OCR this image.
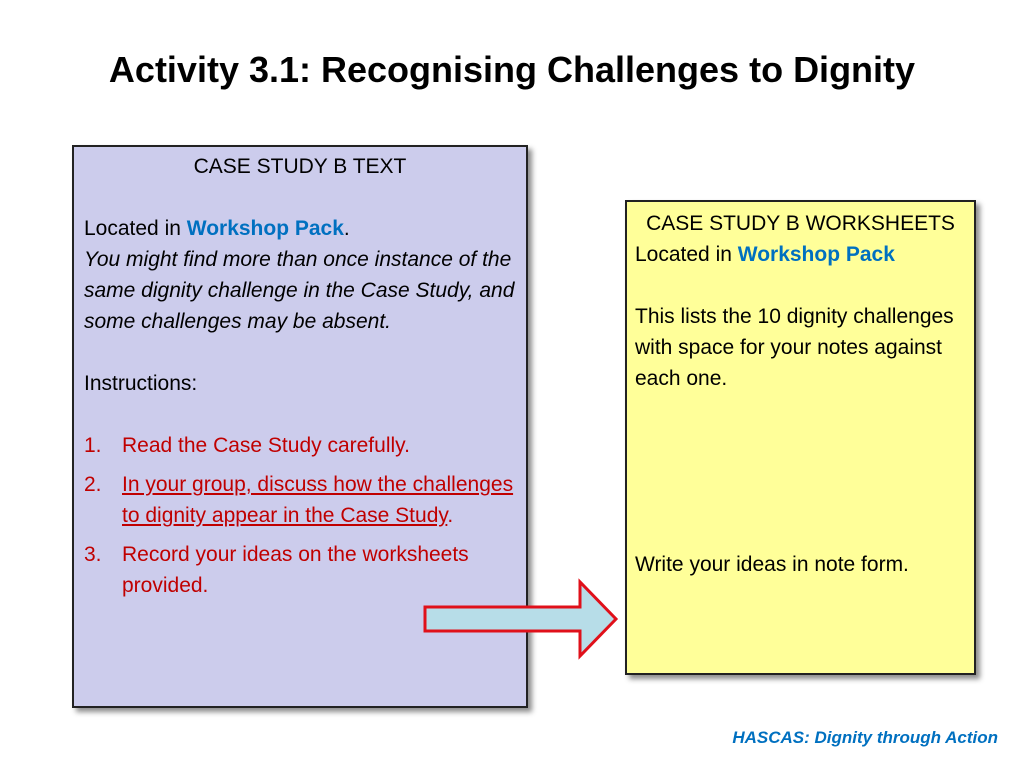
Activity 3.1: Recognising Challenges to Dignity

CASE STUDY B TEXT

Located in Workshop Pack.

You might find more than once instance of the same dignity challenge in the Case Study, and some challenges may be absent.

Instructions:

1. Read the Case Study carefully.
2. In your group, discuss how the challenges to dignity appear in the Case Study.
3. Record your ideas on the worksheets provided.

CASE STUDY B WORKSHEETS

Located in Workshop Pack

This lists the 10 dignity challenges with space for your notes against each one.

Write your ideas in note form.

HASCAS: Dignity through Action
